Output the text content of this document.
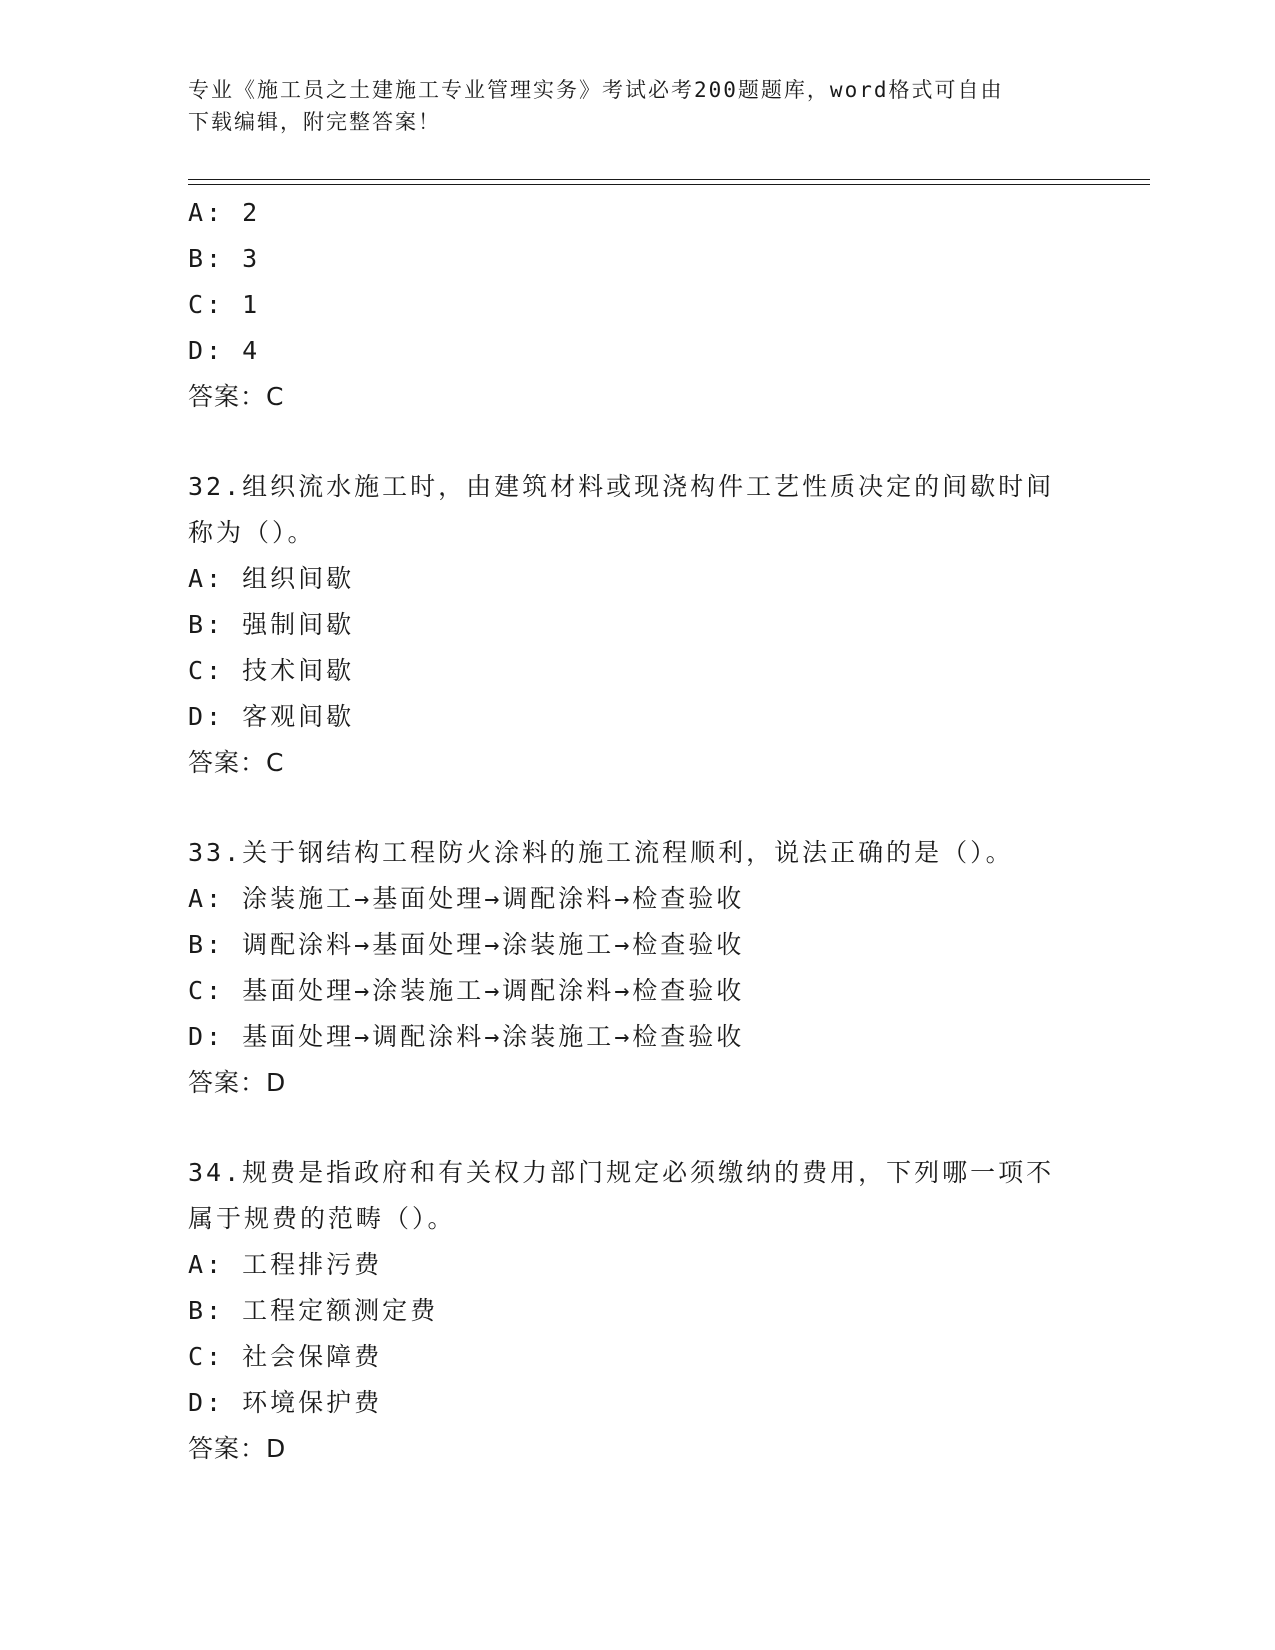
专业《施工员之土建施工专业管理实务》考试必考200题题库，word格式可自由
下载编辑，附完整答案！
A: 2
B: 3
C: 1
D: 4
答案：C
32.组织流水施工时，由建筑材料或现浇构件工艺性质决定的间歇时间
称为（）。
A: 组织间歇
B: 强制间歇
C: 技术间歇
D: 客观间歇
答案：C
33.关于钢结构工程防火涂料的施工流程顺利，说法正确的是（）。
A: 涂装施工→基面处理→调配涂料→检查验收
B: 调配涂料→基面处理→涂装施工→检查验收
C: 基面处理→涂装施工→调配涂料→检查验收
D: 基面处理→调配涂料→涂装施工→检查验收
答案：D
34.规费是指政府和有关权力部门规定必须缴纳的费用，下列哪一项不
属于规费的范畴（）。
A: 工程排污费
B: 工程定额测定费
C: 社会保障费
D: 环境保护费
答案：D
